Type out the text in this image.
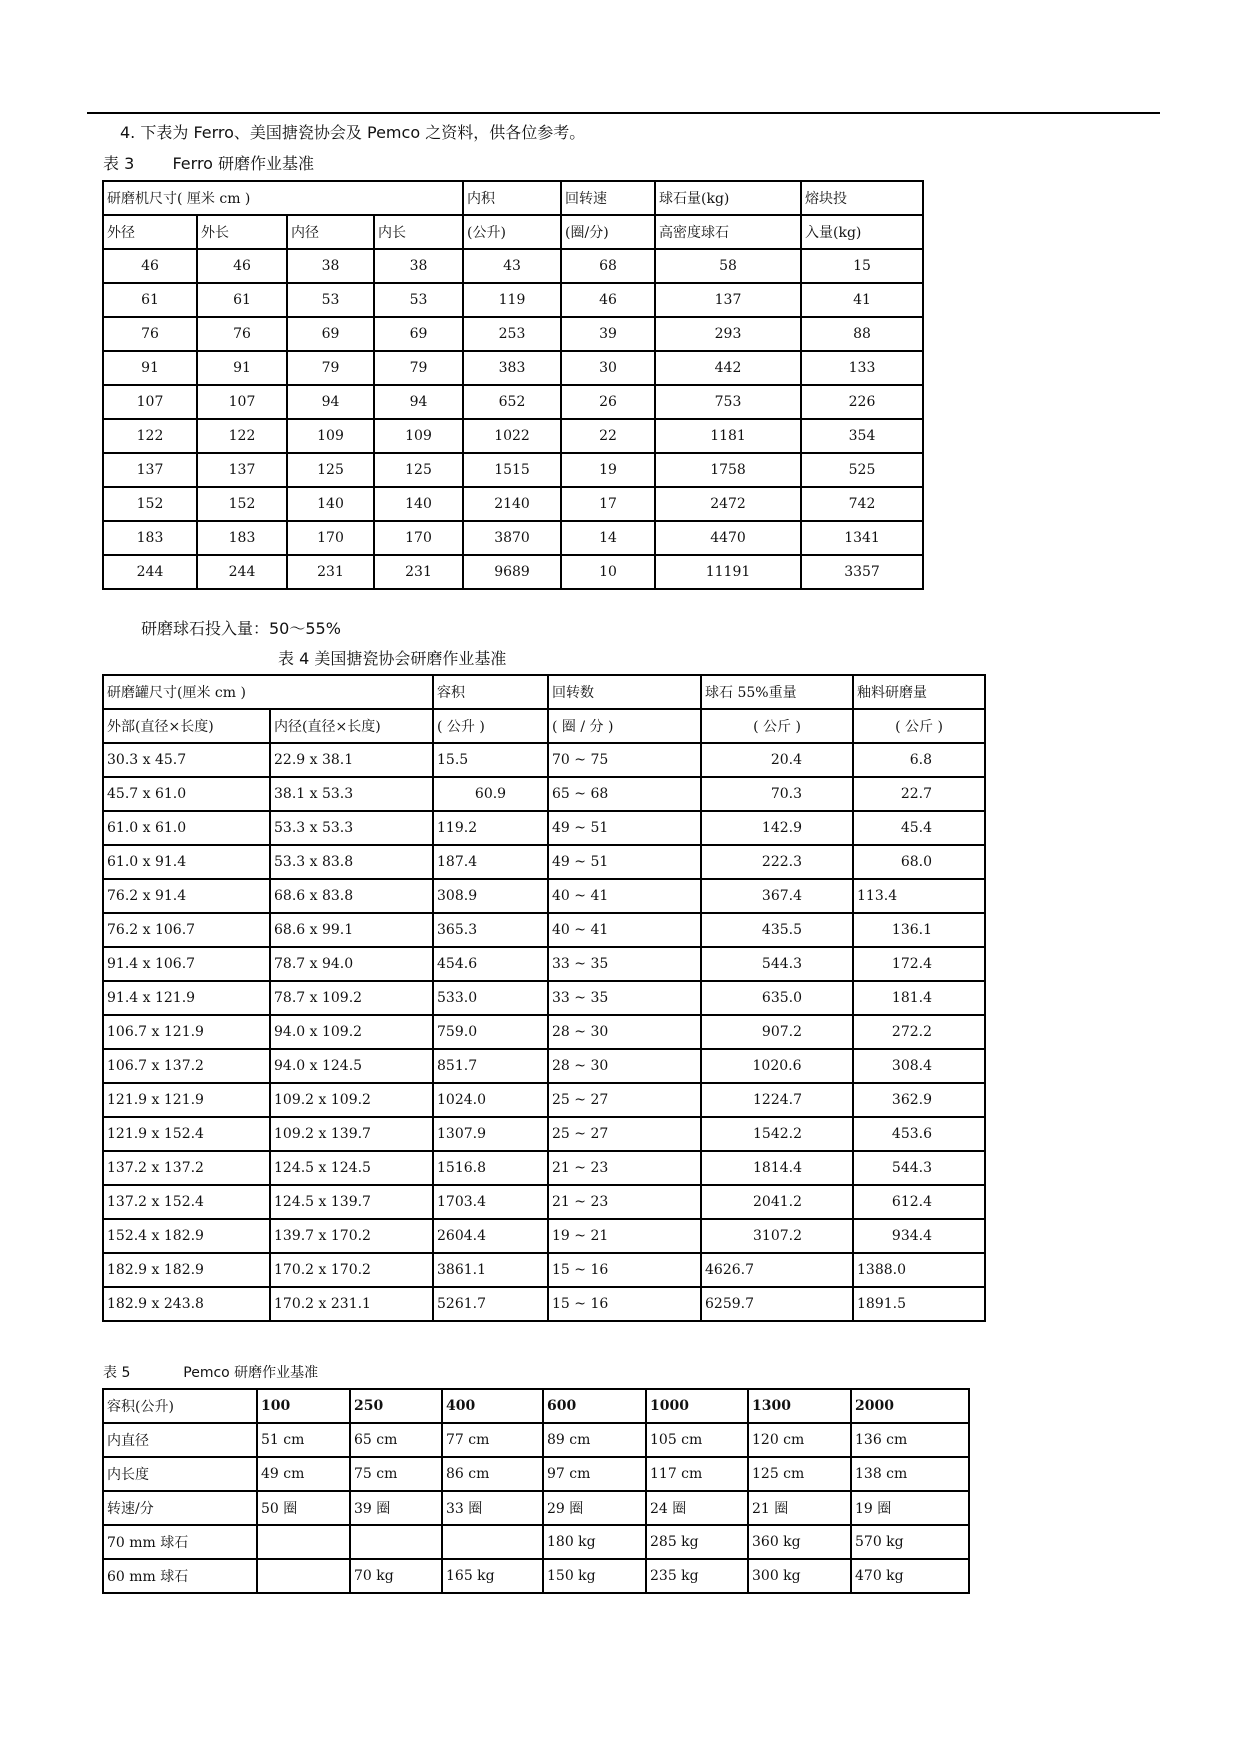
4. 下表为 Ferro、美国搪瓷协会及 Pemco 之资料，供各位参考。
表 3 Ferro 研磨作业基准
研磨机尺寸( 厘米 cm )				内积	回转速	球石量(kg)	熔块投
外径	外长	内径	内长	(公升)	(圈/分)	高密度球石	入量(kg)
46	46	38	38	43	68	58	15
61	61	53	53	119	46	137	41
76	76	69	69	253	39	293	88
91	91	79	79	383	30	442	133
107	107	94	94	652	26	753	226
122	122	109	109	1022	22	1181	354
137	137	125	125	1515	19	1758	525
152	152	140	140	2140	17	2472	742
183	183	170	170	3870	14	4470	1341
244	244	231	231	9689	10	11191	3357
研磨球石投入量：50～55%
表 4 美国搪瓷协会研磨作业基准
研磨罐尺寸(厘米 cm )		容积	回转数	球石 55%重量	釉料研磨量
外部(直径×长度)	内径(直径×长度)	( 公升 )	( 圈 / 分 )	( 公斤 )	( 公斤 )
30.3 x 45.7	22.9 x 38.1	15.5	70 ~ 75	20.4	6.8
45.7 x 61.0	38.1 x 53.3	60.9	65 ~ 68	70.3	22.7
61.0 x 61.0	53.3 x 53.3	119.2	49 ~ 51	142.9	45.4
61.0 x 91.4	53.3 x 83.8	187.4	49 ~ 51	222.3	68.0
76.2 x 91.4	68.6 x 83.8	308.9	40 ~ 41	367.4	113.4
76.2 x 106.7	68.6 x 99.1	365.3	40 ~ 41	435.5	136.1
91.4 x 106.7	78.7 x 94.0	454.6	33 ~ 35	544.3	172.4
91.4 x 121.9	78.7 x 109.2	533.0	33 ~ 35	635.0	181.4
106.7 x 121.9	94.0 x 109.2	759.0	28 ~ 30	907.2	272.2
106.7 x 137.2	94.0 x 124.5	851.7	28 ~ 30	1020.6	308.4
121.9 x 121.9	109.2 x 109.2	1024.0	25 ~ 27	1224.7	362.9
121.9 x 152.4	109.2 x 139.7	1307.9	25 ~ 27	1542.2	453.6
137.2 x 137.2	124.5 x 124.5	1516.8	21 ~ 23	1814.4	544.3
137.2 x 152.4	124.5 x 139.7	1703.4	21 ~ 23	2041.2	612.4
152.4 x 182.9	139.7 x 170.2	2604.4	19 ~ 21	3107.2	934.4
182.9 x 182.9	170.2 x 170.2	3861.1	15 ~ 16	4626.7	1388.0
182.9 x 243.8	170.2 x 231.1	5261.7	15 ~ 16	6259.7	1891.5
表 5	Pemco 研磨作业基准
容积(公升)	100	250	400	600	1000	1300	2000
内直径	51 cm	65 cm	77 cm	89 cm	105 cm	120 cm	136 cm
内长度	49 cm	75 cm	86 cm	97 cm	117 cm	125 cm	138 cm
转速/分	50 圈	39 圈	33 圈	29 圈	24 圈	21 圈	19 圈
70 mm 球石				180 kg	285 kg	360 kg	570 kg
60 mm 球石		70 kg	165 kg	150 kg	235 kg	300 kg	470 kg
